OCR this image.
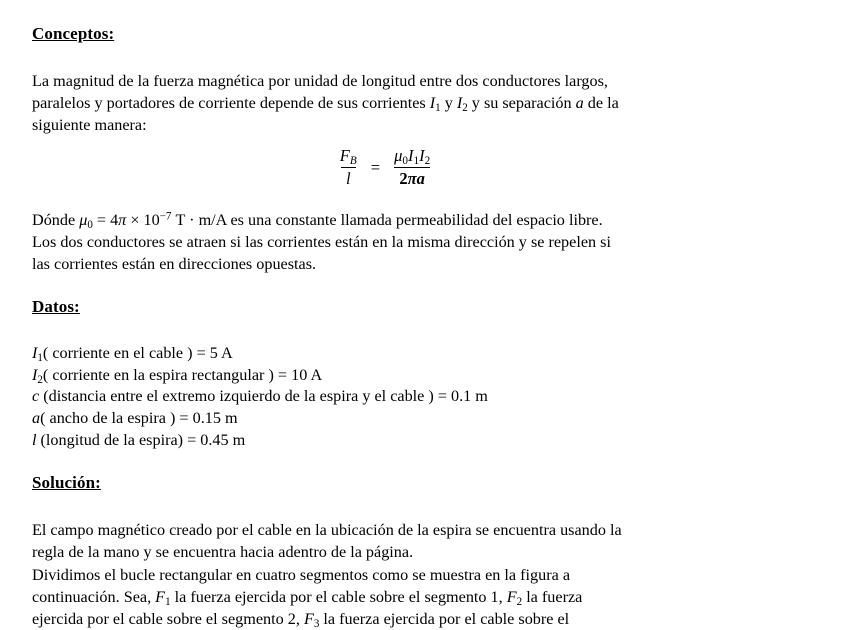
Conceptos:

La magnitud de la fuerza magnética por unidad de longitud entre dos conductores largos,
paralelos y portadores de corriente depende de sus corrientes $I_1$ y $I_2$ y su separación a de la
siguiente manera:

$\frac{F_B}{l} = \frac{\mu_0I_1I_2}{2\pi a}$

Dónde $\mu_0 = 4\pi \times 10^{-7}$ T · m/A es una constante llamada permeabilidad del espacio libre.
Los dos conductores se atraen si las corrientes están en la misma dirección y se repelen si
las corrientes están en direcciones opuestas.

Datos:
$I_1$( corriente en el cable ) = 5 A
$I_2$( corriente en la espira rectangular ) = 10 A
c (distancia entre el extremo izquierdo de la espira y el cable ) = 0.1 m
a( ancho de la espira ) = 0.15 m
l (longitud de la espira) = 0.45 m
Solución:

El campo magnético creado por el cable en la ubicación de la espira se encuentra usando la
regla de la mano y se encuentra hacia adentro de la página.
Dividimos el bucle rectangular en cuatro segmentos como se muestra en la figura a
continuación. Sea, $F_1$ la fuerza ejercida por el cable sobre el segmento 1, $F_2$ la fuerza
ejercida por el cable sobre el segmento 2, $F_3$ la fuerza ejercida por el cable sobre el
